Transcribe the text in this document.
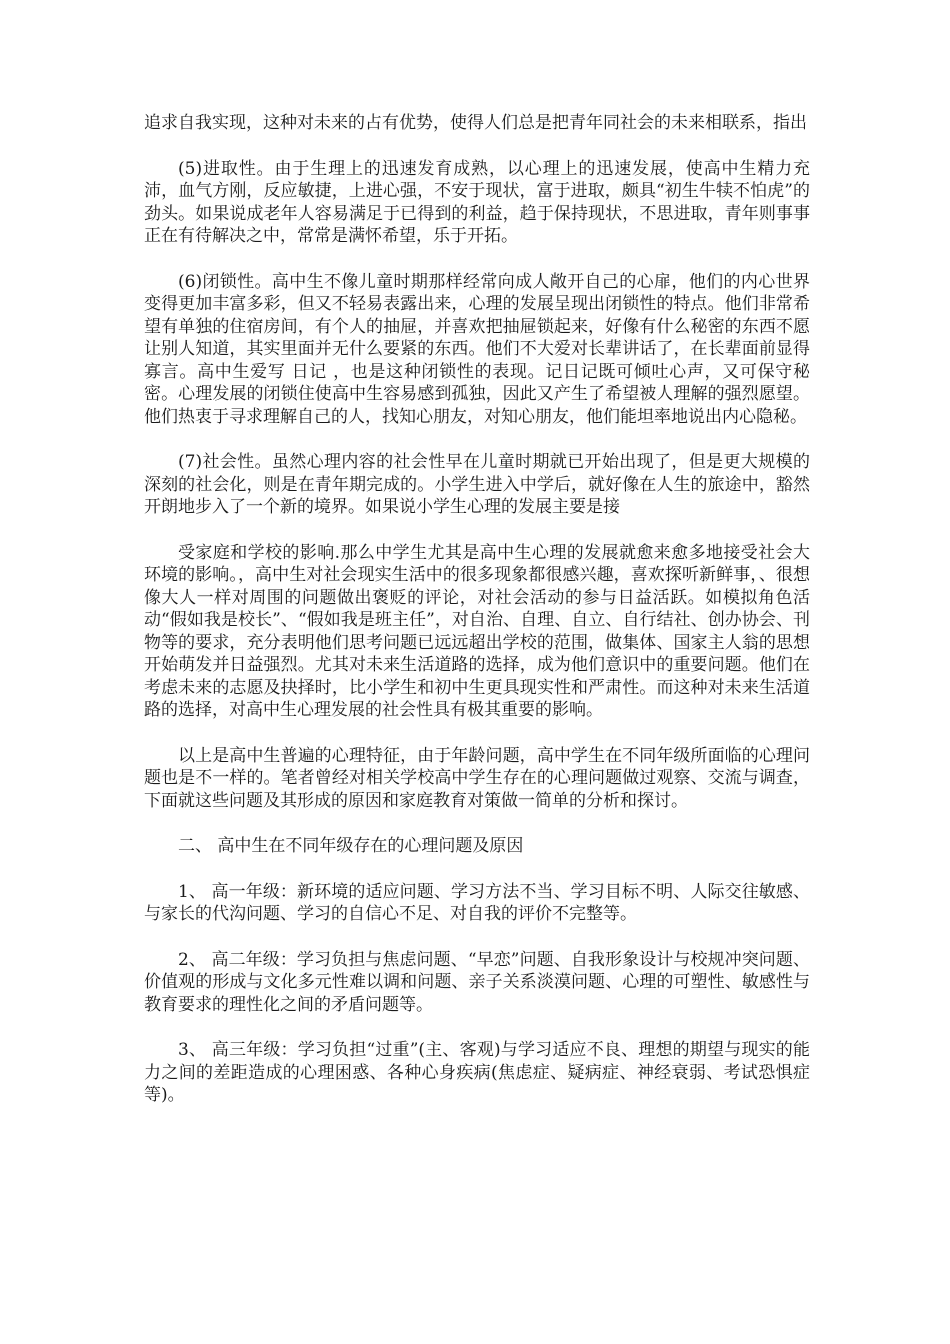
追求自我实现，这种对未来的占有优势，使得人们总是把青年同社会的未来相联系，指出

(5)进取性。由于生理上的迅速发育成熟，以心理上的迅速发展，使高中生精力充沛，血气方刚，反应敏捷，上进心强，不安于现状，富于进取，颇具“初生牛犊不怕虎”的劲头。如果说成老年人容易满足于已得到的利益，趋于保持现状，不思进取，青年则事事正在有待解决之中，常常是满怀希望，乐于开拓。

(6)闭锁性。高中生不像儿童时期那样经常向成人敞开自己的心扉，他们的内心世界变得更加丰富多彩，但又不轻易表露出来，心理的发展呈现出闭锁性的特点。他们非常希望有单独的住宿房间，有个人的抽屉，并喜欢把抽屉锁起来，好像有什么秘密的东西不愿让别人知道，其实里面并无什么要紧的东西。他们不大爱对长辈讲话了，在长辈面前显得寡言。高中生爱写 日记 ，也是这种闭锁性的表现。记日记既可倾吐心声，又可保守秘密。心理发展的闭锁住使高中生容易感到孤独，因此又产生了希望被人理解的强烈愿望。他们热衷于寻求理解自己的人，找知心朋友，对知心朋友，他们能坦率地说出内心隐秘。

(7)社会性。虽然心理内容的社会性早在儿童时期就已开始出现了，但是更大规模的深刻的社会化，则是在青年期完成的。小学生进入中学后，就好像在人生的旅途中，豁然开朗地步入了一个新的境界。如果说小学生心理的发展主要是接

受家庭和学校的影响.那么中学生尤其是高中生心理的发展就愈来愈多地接受社会大环境的影响。，高中生对社会现实生活中的很多现象都很感兴趣，喜欢探听新鲜事，、很想像大人一样对周围的问题做出褒贬的评论，对社会活动的参与日益活跃。如模拟角色活动“假如我是校长”、“假如我是班主任”，对自治、自理、自立、自行结社、创办协会、刊物等的要求，充分表明他们思考问题已远远超出学校的范围，做集体、国家主人翁的思想开始萌发并日益强烈。尤其对未来生活道路的选择，成为他们意识中的重要问题。他们在考虑未来的志愿及抉择时，比小学生和初中生更具现实性和严肃性。而这种对未来生活道路的选择，对高中生心理发展的社会性具有极其重要的影响。

以上是高中生普遍的心理特征，由于年龄问题，高中学生在不同年级所面临的心理问题也是不一样的。笔者曾经对相关学校高中学生存在的心理问题做过观察、交流与调查，下面就这些问题及其形成的原因和家庭教育对策做一简单的分析和探讨。

二、 高中生在不同年级存在的心理问题及原因

1、 高一年级：新环境的适应问题、学习方法不当、学习目标不明、人际交往敏感、与家长的代沟问题、学习的自信心不足、对自我的评价不完整等。

2、 高二年级：学习负担与焦虑问题、“早恋”问题、自我形象设计与校规冲突问题、价值观的形成与文化多元性难以调和问题、亲子关系淡漠问题、心理的可塑性、敏感性与教育要求的理性化之间的矛盾问题等。

3、 高三年级：学习负担“过重”(主、客观)与学习适应不良、理想的期望与现实的能力之间的差距造成的心理困惑、各种心身疾病(焦虑症、疑病症、神经衰弱、考试恐惧症等)。
